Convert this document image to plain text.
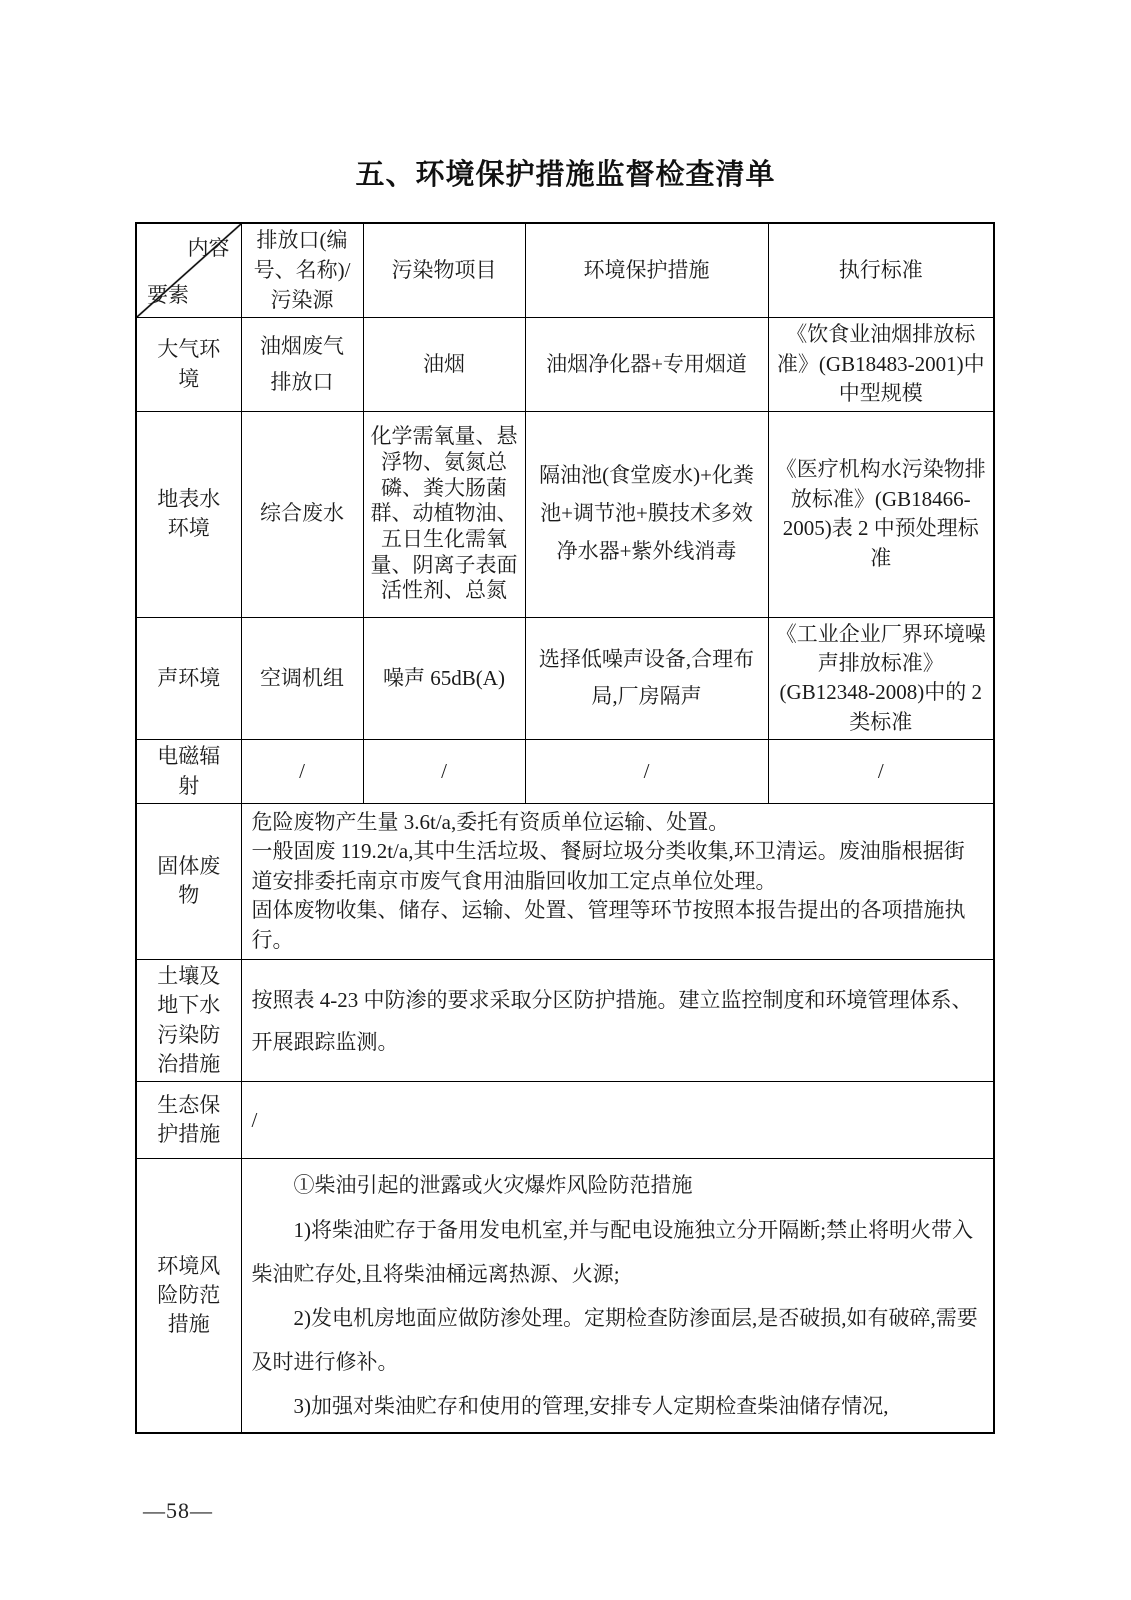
五、环境保护措施监督检查清单
内容
要素	排放口(编号、名称)/污染源	污染物项目	环境保护措施	执行标准
大气环境	油烟废气排放口	油烟	油烟净化器+专用烟道	《饮食业油烟排放标准》(GB18483-2001)中中型规模
地表水环境	综合废水	化学需氧量、悬浮物、氨氮总磷、粪大肠菌群、动植物油、五日生化需氧量、阴离子表面活性剂、总氮	隔油池(食堂废水)+化粪池+调节池+膜技术多效净水器+紫外线消毒	《医疗机构水污染物排放标准》(GB18466-2005)表 2 中预处理标准
声环境	空调机组	噪声 65dB(A)	选择低噪声设备,合理布局,厂房隔声	《工业企业厂界环境噪声排放标准》(GB12348-2008)中的 2 类标准
电磁辐射	/	/	/	/
固体废物	危险废物产生量 3.6t/a,委托有资质单位运输、处置。

一般固废 119.2t/a,其中生活垃圾、餐厨垃圾分类收集,环卫清运。废油脂根据街道安排委托南京市废气食用油脂回收加工定点单位处理。

固体废物收集、储存、运输、处置、管理等环节按照本报告提出的各项措施执行。			

土壤及地下水污染防治措施	按照表 4-23 中防渗的要求采取分区防护措施。建立监控制度和环境管理体系、开展跟踪监测。			

生态保护措施	/			

环境风险防范措施	①柴油引起的泄露或火灾爆炸风险防范措施

1)将柴油贮存于备用发电机室,并与配电设施独立分开隔断;禁止将明火带入柴油贮存处,且将柴油桶远离热源、火源;

2)发电机房地面应做防渗处理。定期检查防渗面层,是否破损,如有破碎,需要及时进行修补。

3)加强对柴油贮存和使用的管理,安排专人定期检查柴油储存情况,			

—58—
